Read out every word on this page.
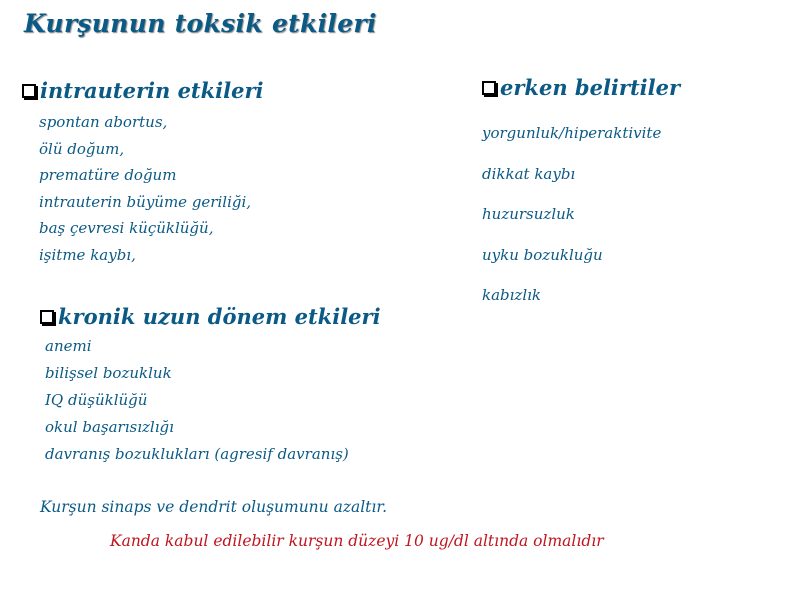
Kurşunun toksik etkileri
intrauterin etkileri
spontan abortus,
ölü doğum,
prematüre doğum
intrauterin büyüme geriliği,
baş çevresi küçüklüğü,
işitme kaybı,
erken belirtiler
yorgunluk/hiperaktivite
dikkat kaybı
huzursuzluk
uyku bozukluğu
kabızlık
kronik uzun dönem etkileri
anemi
bilişsel bozukluk
IQ düşüklüğü
okul başarısızlığı
davranış bozuklukları (agresif davranış)
Kurşun sinaps ve dendrit oluşumunu azaltır.
Kanda kabul edilebilir kurşun düzeyi 10 ug/dl altında olmalıdır
